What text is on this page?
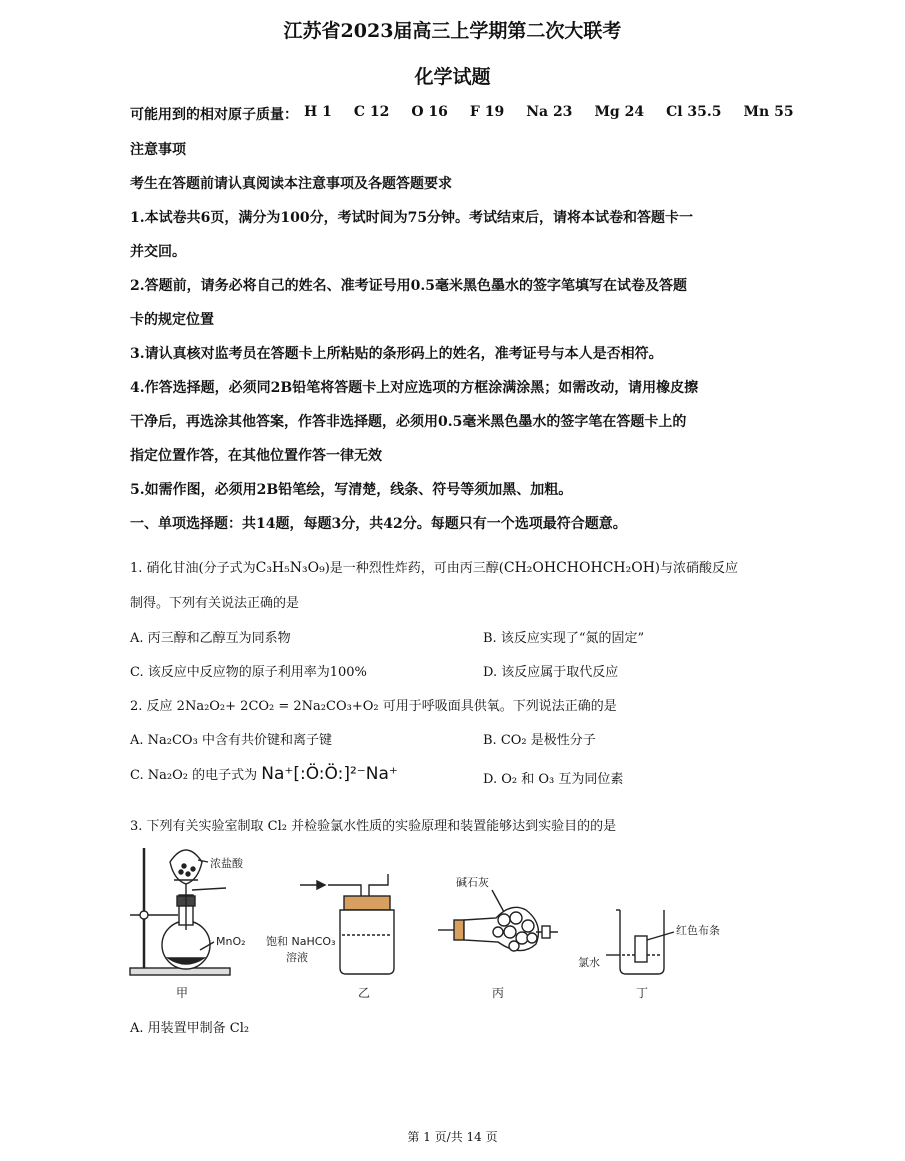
江苏省2023届高三上学期第二次大联考
化学试题
可能用到的相对原子质量： H 1 C 12 O 16 F 19 Na 23 Mg 24 Cl 35.5 Mn 55
注意事项
考生在答题前请认真阅读本注意事项及各题答题要求
1.本试卷共6页，满分为100分，考试时间为75分钟。考试结束后，请将本试卷和答题卡一
并交回。
2.答题前，请务必将自己的姓名、准考证号用0.5毫米黑色墨水的签字笔填写在试卷及答题
卡的规定位置
3.请认真核对监考员在答题卡上所粘贴的条形码上的姓名，准考证号与本人是否相符。
4.作答选择题，必须同2B铅笔将答题卡上对应选项的方框涂满涂黑；如需改动，请用橡皮擦
干净后，再选涂其他答案，作答非选择题，必须用0.5毫米黑色墨水的签字笔在答题卡上的
指定位置作答，在其他位置作答一律无效
5.如需作图，必须用2B铅笔绘，写清楚，线条、符号等须加黑、加粗。
一、单项选择题：共14题，每题3分，共42分。每题只有一个选项最符合题意。
1. 硝化甘油(分子式为C₃H₅N₃O₉)是一种烈性炸药，可由丙三醇(CH₂OHCHOHCH₂OH)与浓硝酸反应
制得。下列有关说法正确的是
A. 丙三醇和乙醇互为同系物	B. 该反应实现了“氮的固定”
C. 该反应中反应物的原子利用率为100%	D. 该反应属于取代反应
2. 反应 2Na₂O₂+ 2CO₂ = 2Na₂CO₃+O₂ 可用于呼吸面具供氧。下列说法正确的是
A. Na₂CO₃ 中含有共价键和离子键	B. CO₂ 是极性分子
C. Na₂O₂ 的电子式为 Na⁺[:Ö:Ö:]²⁻Na⁺	D. O₂ 和 O₃ 互为同位素
3. 下列有关实验室制取 Cl₂ 并检验氯水性质的实验原理和装置能够达到实验目的的是
浓盐酸
MnO₂ 饱和 NaHCO₃
溶液
碱石灰
红色布条
氯水
甲	乙	丙	丁
A. 用装置甲制备 Cl₂
第 1 页/共 14 页
